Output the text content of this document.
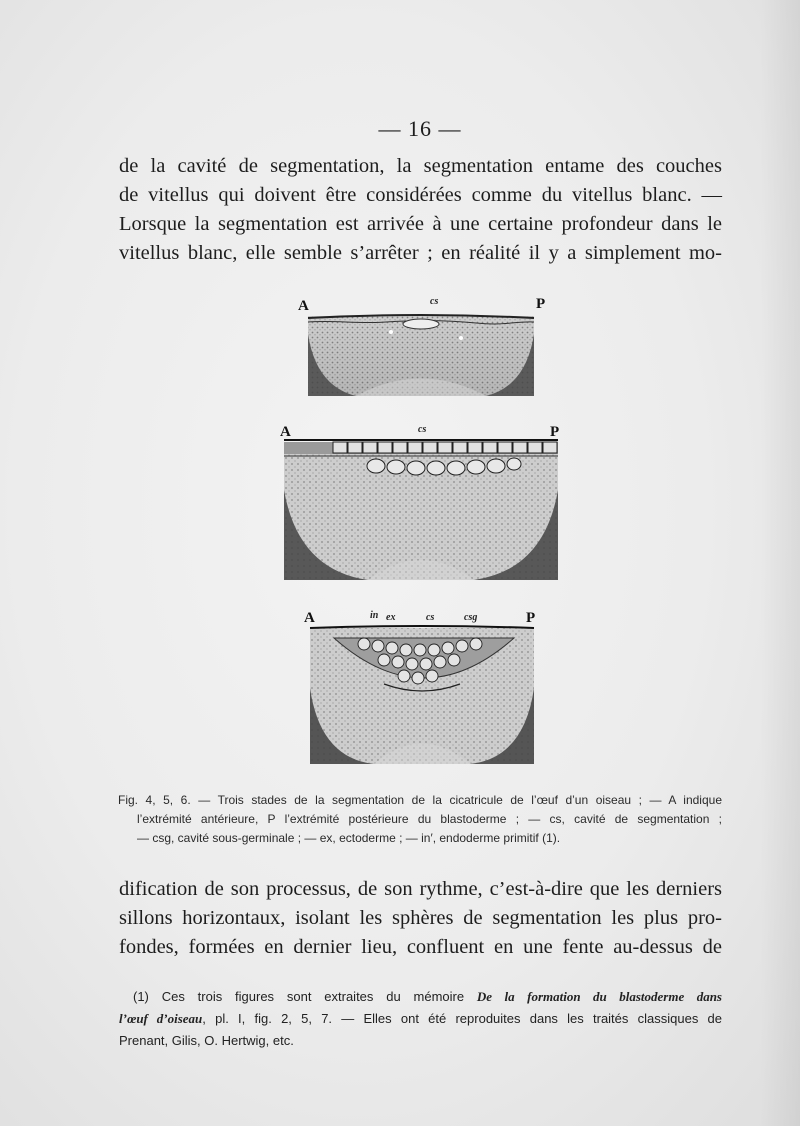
— 16 —

de la cavité de segmentation, la segmentation entame des couches
de vitellus qui doivent être considérées comme du vitellus blanc. —
Lorsque la segmentation est arrivée à une certaine profondeur dans le
vitellus blanc, elle semble s’arrêter ; en réalité il y a simplement mo-

A	P
cs
A	P
cs
A	P
in ex	cs	csg
Fig. 4, 5, 6. — Trois stades de la segmentation de la cicatricule de l’œuf d’un oiseau ; — A indique
l’extrémité antérieure, P l’extrémité postérieure du blastoderme ; — cs, cavité de segmentation ;
— csg, cavité sous-germinale ; — ex, ectoderme ; — in′, endoderme primitif (1).

dification de son processus, de son rythme, c’est-à-dire que les derniers
sillons horizontaux, isolant les sphères de segmentation les plus pro-
fondes, formées en dernier lieu, confluent en une fente au-dessus de

(1) Ces trois figures sont extraites du mémoire De la formation du blastoderme dans
l’œuf d’oiseau, pl. I, fig. 2, 5, 7. — Elles ont été reproduites dans les traités classiques de
Prenant, Gilis, O. Hertwig, etc.
